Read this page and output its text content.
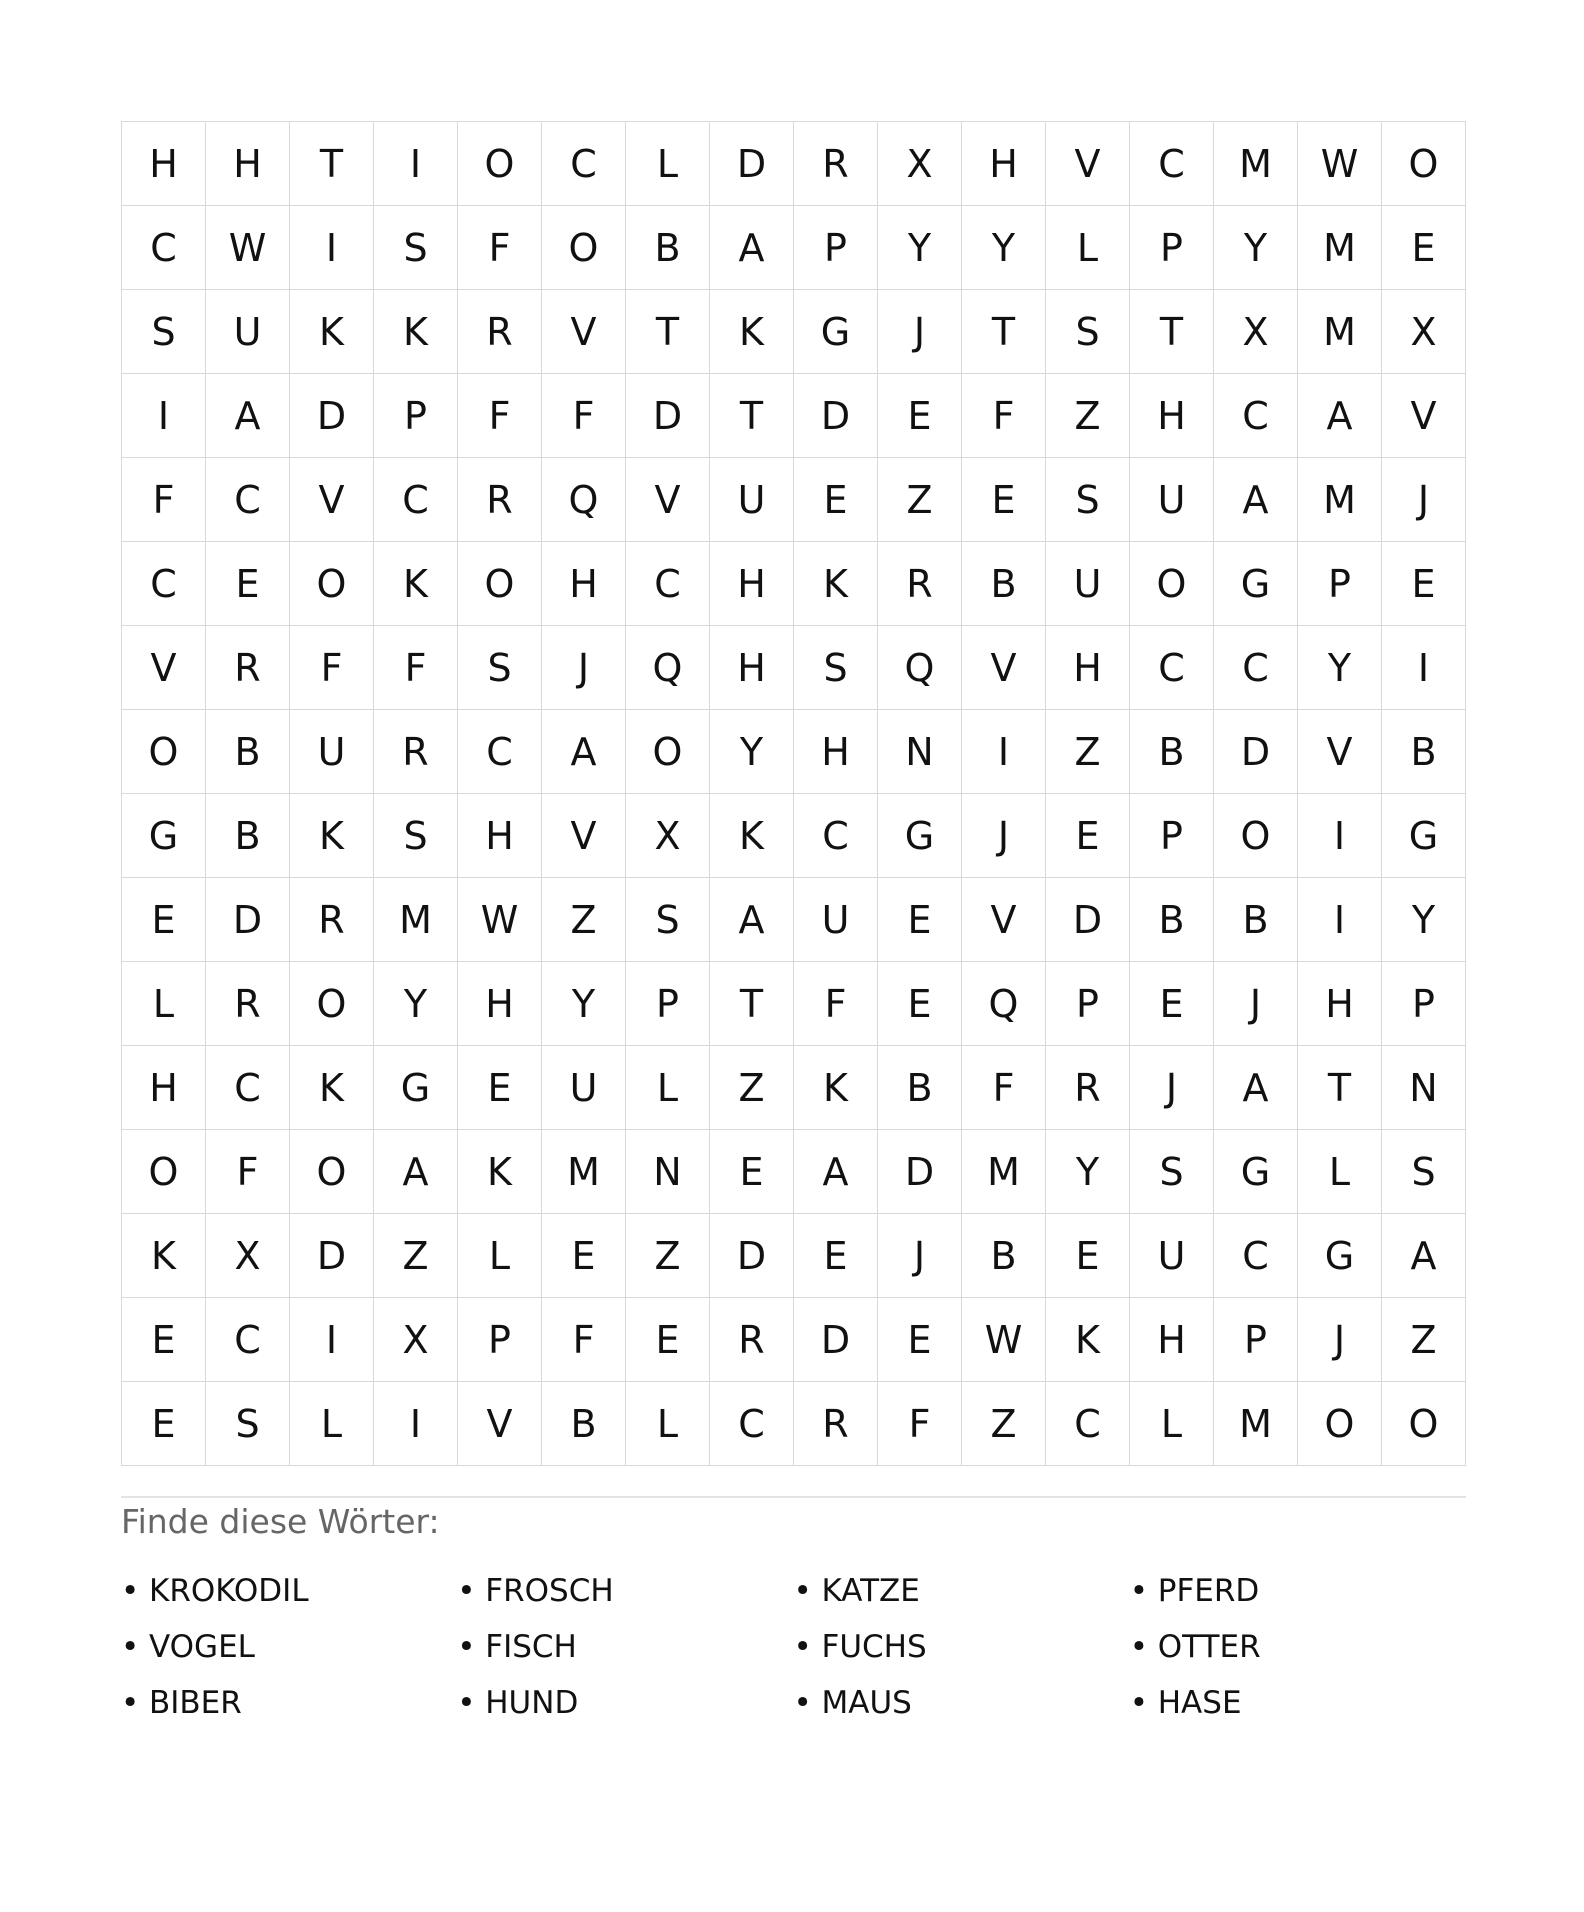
H	H	T	I	O	C	L	D	R	X	H	V	C	M	W	O
C	W	I	S	F	O	B	A	P	Y	Y	L	P	Y	M	E
S	U	K	K	R	V	T	K	G	J	T	S	T	X	M	X
I	A	D	P	F	F	D	T	D	E	F	Z	H	C	A	V
F	C	V	C	R	Q	V	U	E	Z	E	S	U	A	M	J
C	E	O	K	O	H	C	H	K	R	B	U	O	G	P	E
V	R	F	F	S	J	Q	H	S	Q	V	H	C	C	Y	I
O	B	U	R	C	A	O	Y	H	N	I	Z	B	D	V	B
G	B	K	S	H	V	X	K	C	G	J	E	P	O	I	G
E	D	R	M	W	Z	S	A	U	E	V	D	B	B	I	Y
L	R	O	Y	H	Y	P	T	F	E	Q	P	E	J	H	P
H	C	K	G	E	U	L	Z	K	B	F	R	J	A	T	N
O	F	O	A	K	M	N	E	A	D	M	Y	S	G	L	S
K	X	D	Z	L	E	Z	D	E	J	B	E	U	C	G	A
E	C	I	X	P	F	E	R	D	E	W	K	H	P	J	Z
E	S	L	I	V	B	L	C	R	F	Z	C	L	M	O	O
Finde diese Wörter:
• KROKODIL	• FROSCH	• KATZE	• PFERD
• VOGEL	• FISCH	• FUCHS	• OTTER
• BIBER	• HUND	• MAUS	• HASE
